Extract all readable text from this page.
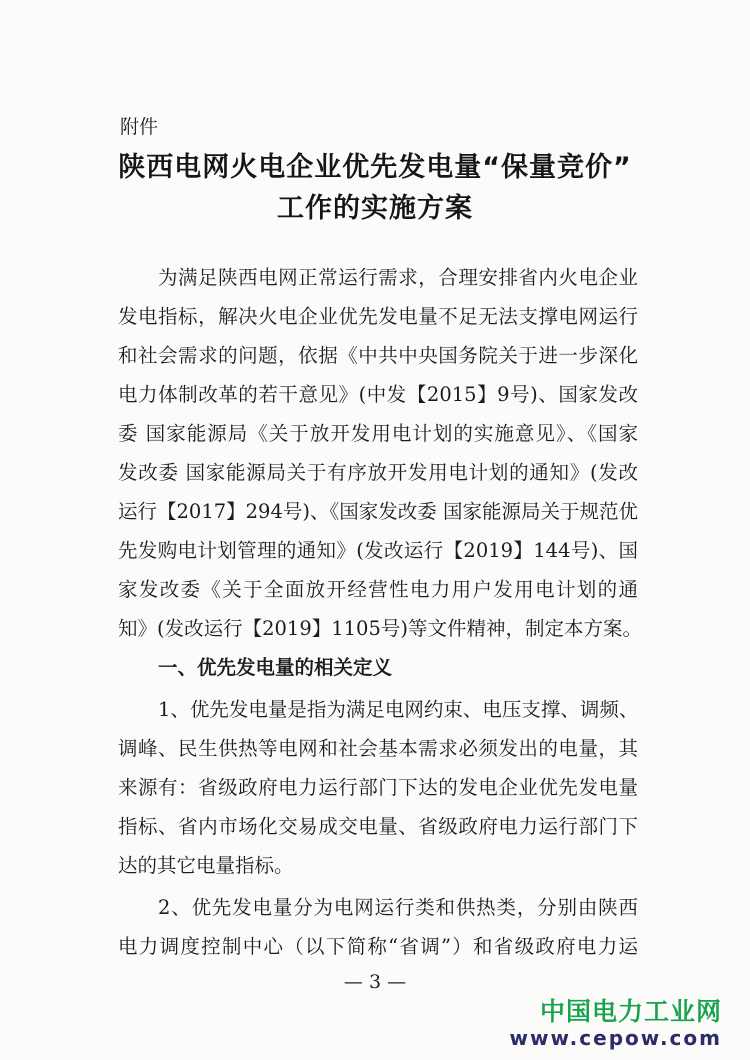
附件
陕西电网火电企业优先发电量“保量竞价”
工作的实施方案
为满足陕西电网正常运行需求，合理安排省内火电企业
发电指标，解决火电企业优先发电量不足无法支撑电网运行
和社会需求的问题，依据《中共中央国务院关于进一步深化
电力体制改革的若干意见》(中发【2015】9号)、国家发改
委 国家能源局《关于放开发用电计划的实施意见》、《国家
发改委 国家能源局关于有序放开发用电计划的通知》(发改
运行【2017】294号)、《国家发改委 国家能源局关于规范优
先发购电计划管理的通知》(发改运行【2019】144号)、国
家发改委《关于全面放开经营性电力用户发用电计划的通
知》(发改运行【2019】1105号)等文件精神，制定本方案。
一、优先发电量的相关定义
1、优先发电量是指为满足电网约束、电压支撑、调频、
调峰、民生供热等电网和社会基本需求必须发出的电量，其
来源有：省级政府电力运行部门下达的发电企业优先发电量
指标、省内市场化交易成交电量、省级政府电力运行部门下
达的其它电量指标。
2、优先发电量分为电网运行类和供热类，分别由陕西
电力调度控制中心（以下简称“省调”）和省级政府电力运
— 3 —
中国电力工业网
www.cepow.com
